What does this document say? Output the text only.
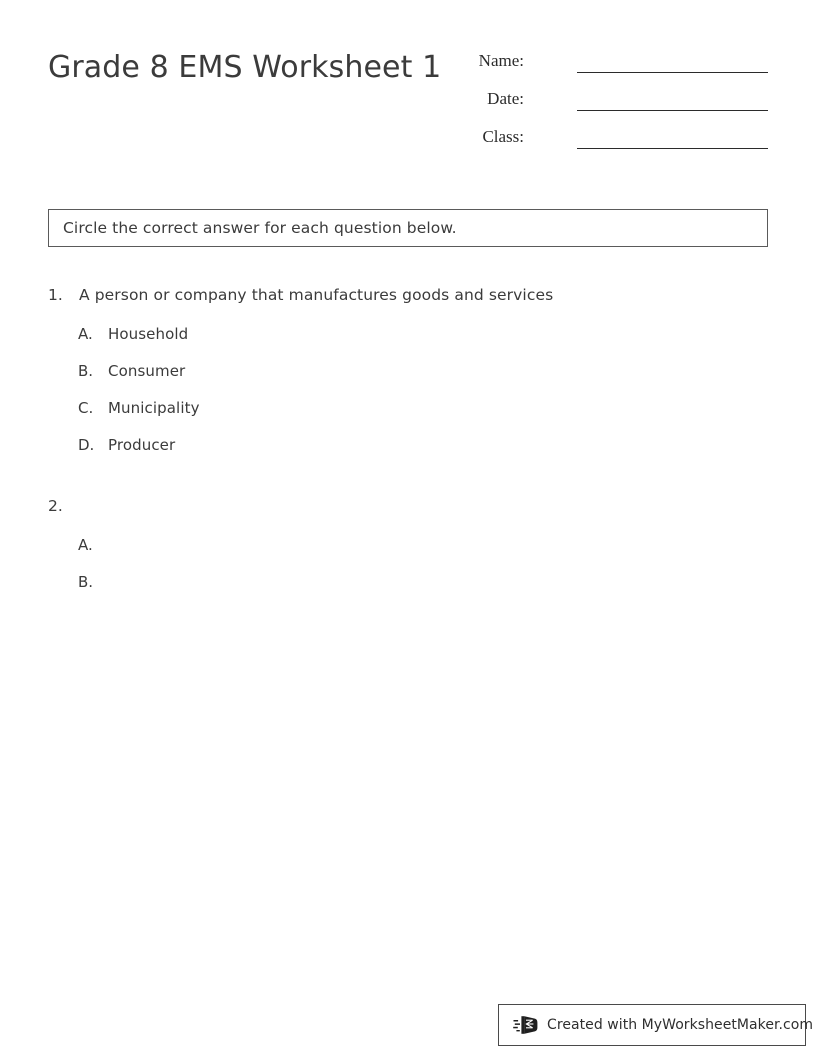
Grade 8 EMS Worksheet 1 Name:
Date:
Class:
Circle the correct answer for each question below.
1.	A person or company that manufactures goods and services
A.	Household
B. Consumer
C. Municipality
D. Producer
2.
A.
B.
Created with MyWorksheetMaker.com
